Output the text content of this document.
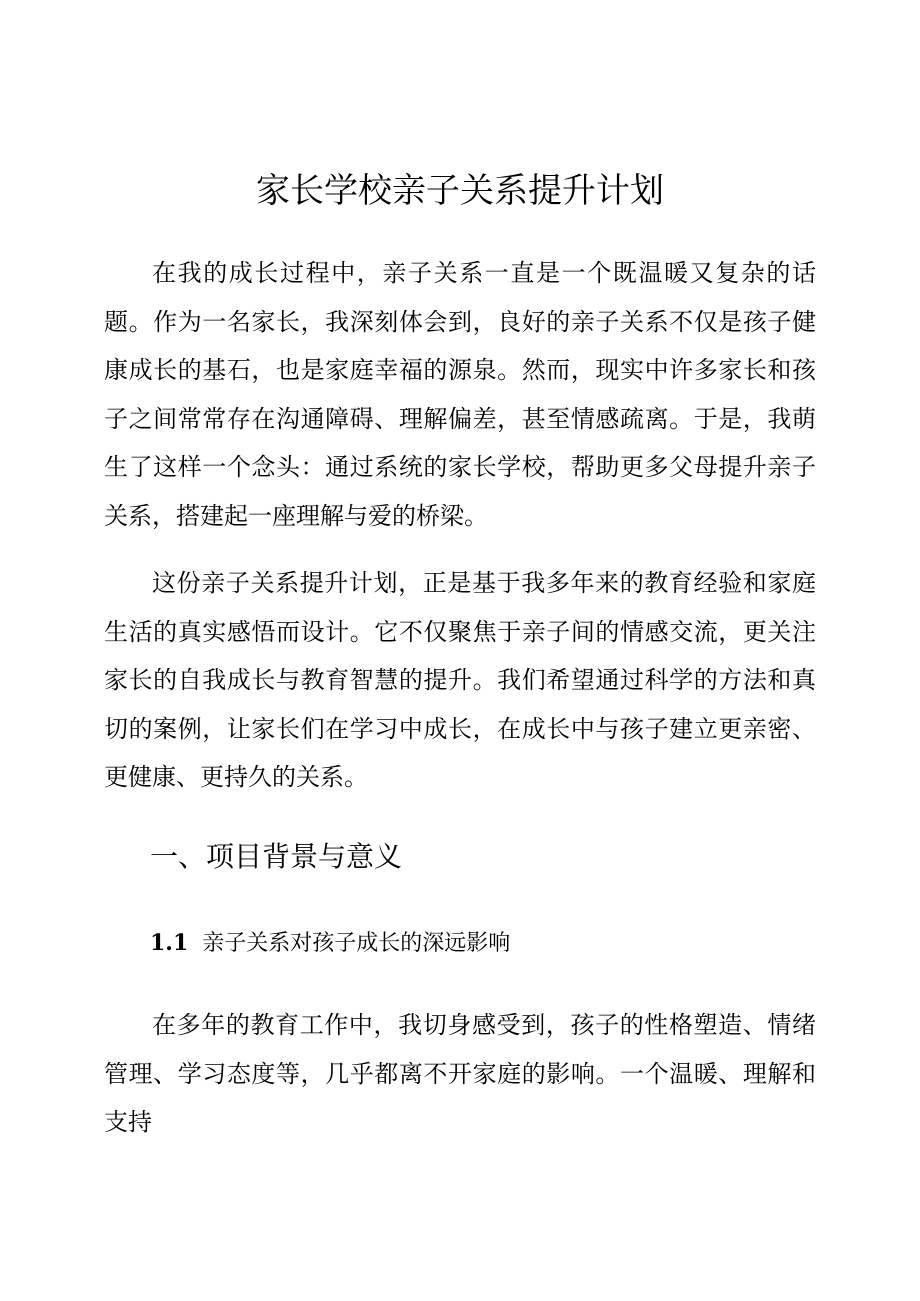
家长学校亲子关系提升计划

在我的成长过程中，亲子关系一直是一个既温暖又复杂的话题。作为一名家长，我深刻体会到，良好的亲子关系不仅是孩子健康成长的基石，也是家庭幸福的源泉。然而，现实中许多家长和孩子之间常常存在沟通障碍、理解偏差，甚至情感疏离。于是，我萌生了这样一个念头：通过系统的家长学校，帮助更多父母提升亲子关系，搭建起一座理解与爱的桥梁。

这份亲子关系提升计划，正是基于我多年来的教育经验和家庭生活的真实感悟而设计。它不仅聚焦于亲子间的情感交流，更关注家长的自我成长与教育智慧的提升。我们希望通过科学的方法和真切的案例，让家长们在学习中成长，在成长中与孩子建立更亲密、更健康、更持久的关系。

一、项目背景与意义
1.1 亲子关系对孩子成长的深远影响

在多年的教育工作中，我切身感受到，孩子的性格塑造、情绪管理、学习态度等，几乎都离不开家庭的影响。一个温暖、理解和支持
